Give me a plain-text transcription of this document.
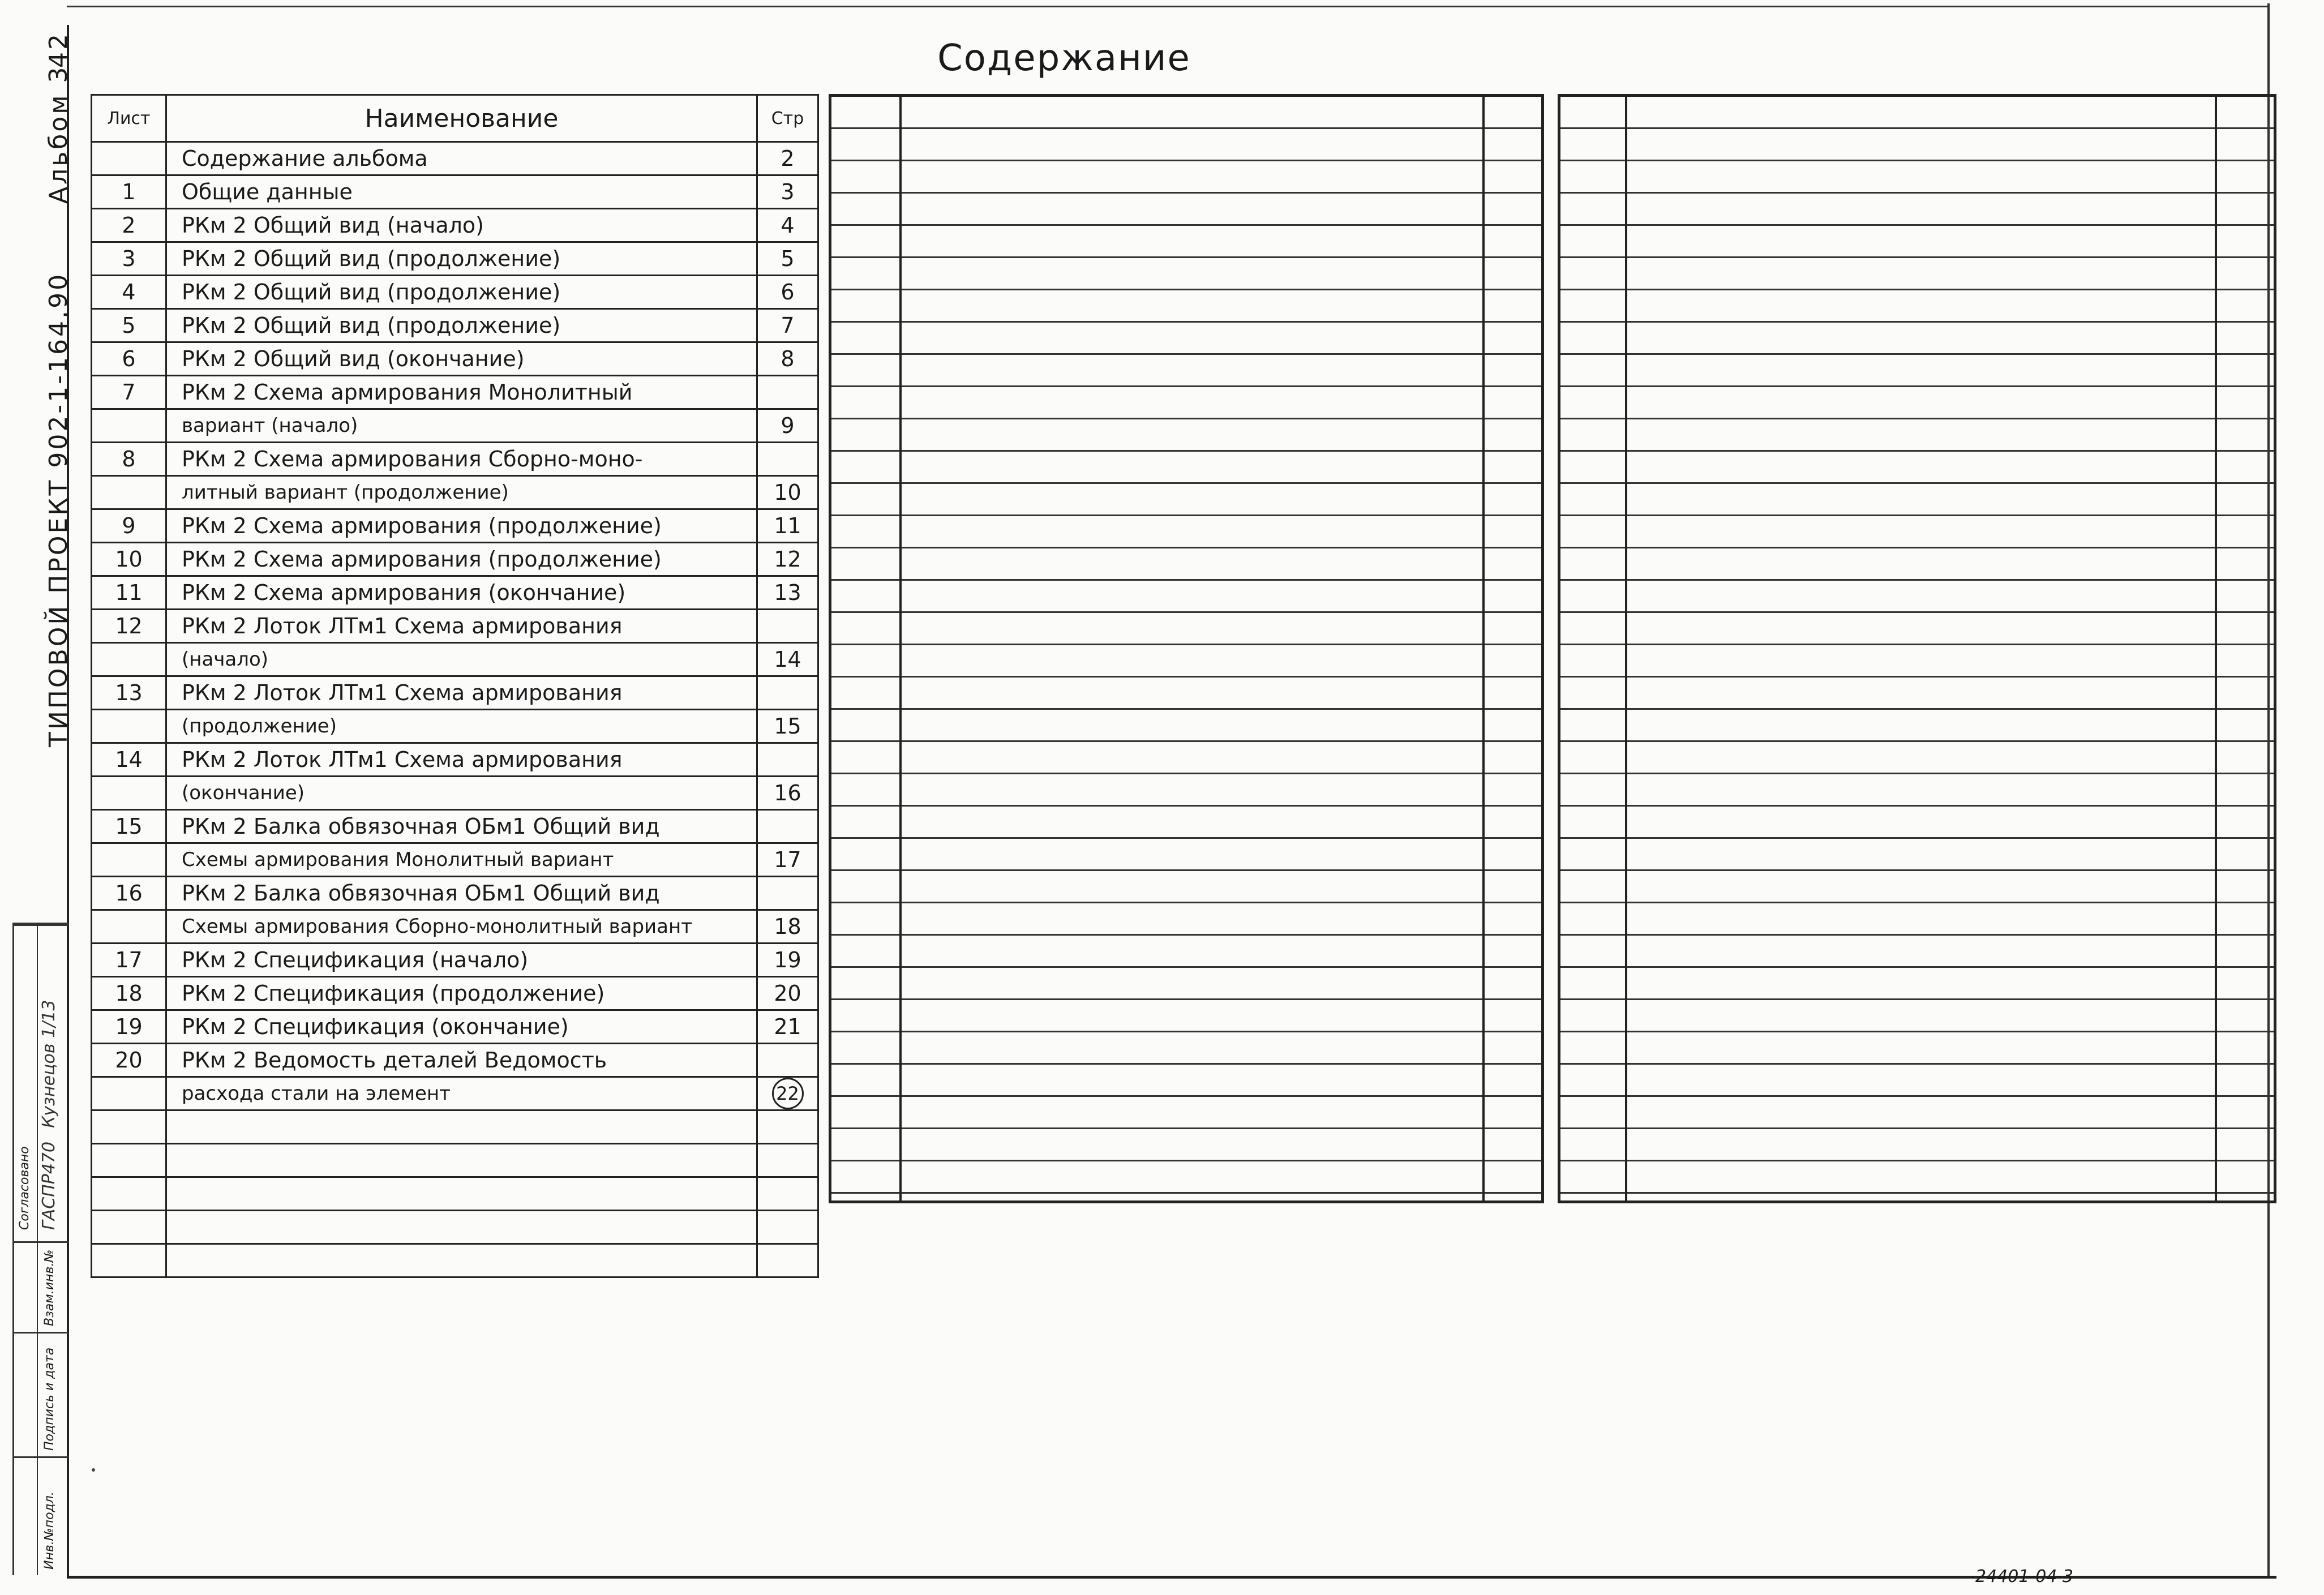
Содержание
42
Альбом 3
ТИПОВОЙ ПРОЕКТ 902-1-164.90
Инв.№подл.
Подпись и дата
Взам.инв.№
Согласовано ГАСПР470
Кузнецов 1/13
Лист	Наименование	Стр
	Содержание альбома	2
1	Общие данные	3
2	РКм 2 Общий вид (начало)	4
3	РКм 2 Общий вид (продолжение)	5
4	РКм 2 Общий вид (продолжение)	6
5	РКм 2 Общий вид (продолжение)	7
6	РКм 2 Общий вид (окончание)	8
7	РКм 2 Схема армирования Монолитный	
	вариант (начало)	9
8	РКм 2 Схема армирования Сборно-моно-	
	литный вариант (продолжение)	10
9	РКм 2 Схема армирования (продолжение)	11
10	РКм 2 Схема армирования (продолжение)	12
11	РКм 2 Схема армирования (окончание)	13
12	РКм 2 Лоток ЛТм1 Схема армирования	
	(начало)	14
13	РКм 2 Лоток ЛТм1 Схема армирования	
	(продолжение)	15
14	РКм 2 Лоток ЛТм1 Схема армирования	
	(окончание)	16
15	РКм 2 Балка обвязочная ОБм1 Общий вид	
	Схемы армирования Монолитный вариант	17
16	РКм 2 Балка обвязочная ОБм1 Общий вид	
	Схемы армирования Сборно-монолитный вариант	18
17	РКм 2 Спецификация (начало)	19
18	РКм 2 Спецификация (продолжение)	20
19	РКм 2 Спецификация (окончание)	21
20	РКм 2 Ведомость деталей Ведомость	
	расхода стали на элемент	22

24401-04 3
